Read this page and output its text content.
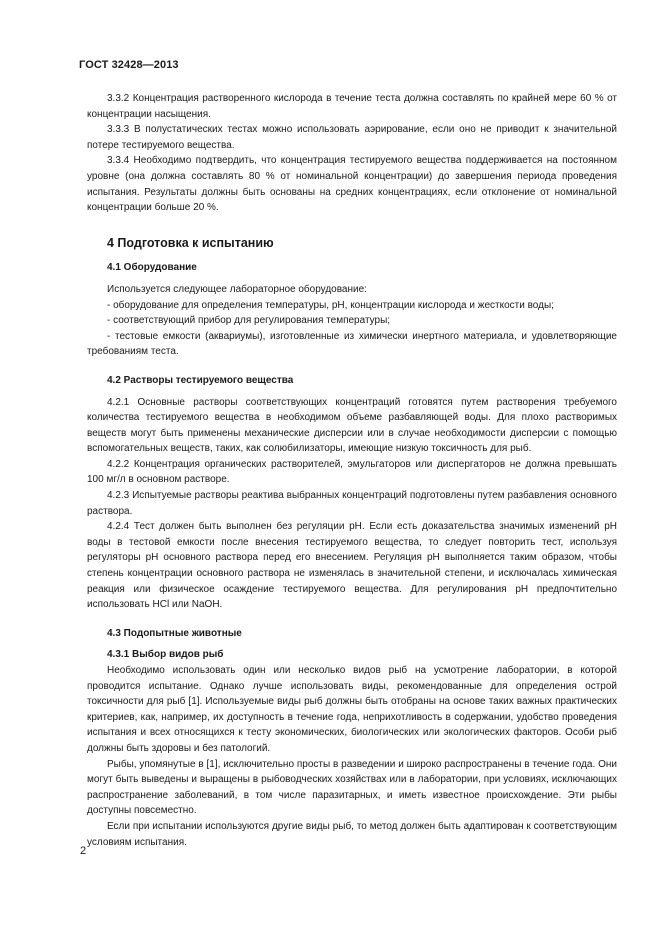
ГОСТ 32428—2013

3.3.2 Концентрация растворенного кислорода в течение теста должна составлять по крайней мере 60 % от концентрации насыщения.

3.3.3 В полустатических тестах можно использовать аэрирование, если оно не приводит к значительной потере тестируемого вещества.

3.3.4 Необходимо подтвердить, что концентрация тестируемого вещества поддерживается на постоянном уровне (она должна составлять 80 % от номинальной концентрации) до завершения периода проведения испытания. Результаты должны быть основаны на средних концентрациях, если отклонение от номинальной концентрации больше 20 %.

4 Подготовка к испытанию
4.1 Оборудование

Используется следующее лабораторное оборудование:

- оборудование для определения температуры, pH, концентрации кислорода и жесткости воды;

- соответствующий прибор для регулирования температуры;

- тестовые емкости (аквариумы), изготовленные из химически инертного материала, и удовлетворяющие требованиям теста.

4.2 Растворы тестируемого вещества

4.2.1 Основные растворы соответствующих концентраций готовятся путем растворения требуемого количества тестируемого вещества в необходимом объеме разбавляющей воды. Для плохо растворимых веществ могут быть применены механические дисперсии или в случае необходимости дисперсии с помощью вспомогательных веществ, таких, как солюбилизаторы, имеющие низкую токсичность для рыб.

4.2.2 Концентрация органических растворителей, эмульгаторов или диспергаторов не должна превышать 100 мг/л в основном растворе.

4.2.3 Испытуемые растворы реактива выбранных концентраций подготовлены путем разбавления основного раствора.

4.2.4 Тест должен быть выполнен без регуляции pH. Если есть доказательства значимых изменений pH воды в тестовой емкости после внесения тестируемого вещества, то следует повторить тест, используя регуляторы pH основного раствора перед его внесением. Регуляция pH выполняется таким образом, чтобы степень концентрации основного раствора не изменялась в значительной степени, и исключалась химическая реакция или физическое осаждение тестируемого вещества. Для регулирования pH предпочтительно использовать HCl или NaOH.

4.3 Подопытные животные
4.3.1 Выбор видов рыб

Необходимо использовать один или несколько видов рыб на усмотрение лаборатории, в которой проводится испытание. Однако лучше использовать виды, рекомендованные для определения острой токсичности для рыб [1]. Используемые виды рыб должны быть отобраны на основе таких важных практических критериев, как, например, их доступность в течение года, неприхотливость в содержании, удобство проведения испытания и всех относящихся к тесту экономических, биологических или экологических факторов. Особи рыб должны быть здоровы и без патологий.

Рыбы, упомянутые в [1], исключительно просты в разведении и широко распространены в течение года. Они могут быть выведены и выращены в рыбоводческих хозяйствах или в лаборатории, при условиях, исключающих распространение заболеваний, в том числе паразитарных, и иметь известное происхождение. Эти рыбы доступны повсеместно.

Если при испытании используются другие виды рыб, то метод должен быть адаптирован к соответствующим условиям испытания.

2
